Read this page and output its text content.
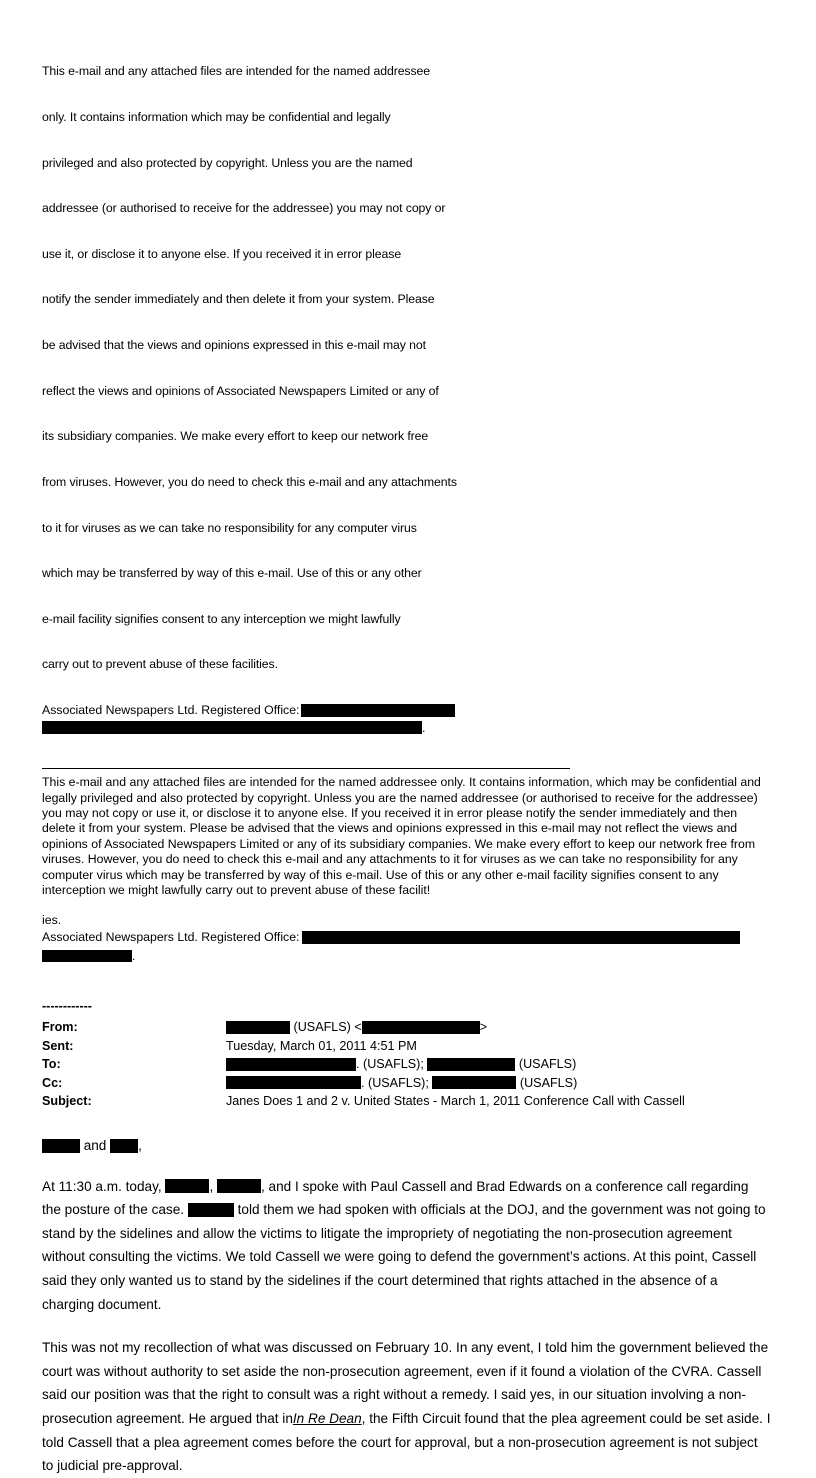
This e-mail and any attached files are intended for the named addressee

only. It contains information which may be confidential and legally

privileged and also protected by copyright. Unless you are the named

addressee (or authorised to receive for the addressee) you may not copy or

use it, or disclose it to anyone else. If you received it in error please

notify the sender immediately and then delete it from your system. Please

be advised that the views and opinions expressed in this e-mail may not

reflect the views and opinions of Associated Newspapers Limited or any of

its subsidiary companies. We make every effort to keep our network free

from viruses. However, you do need to check this e-mail and any attachments

to it for viruses as we can take no responsibility for any computer virus

which may be transferred by way of this e-mail. Use of this or any other

e-mail facility signifies consent to any interception we might lawfully

carry out to prevent abuse of these facilities.

Associated Newspapers Ltd. Registered Office:
.

This e-mail and any attached files are intended for the named addressee only. It contains information, which may be confidential and legally privileged and also protected by copyright. Unless you are the named addressee (or authorised to receive for the addressee) you may not copy or use it, or disclose it to anyone else. If you received it in error please notify the sender immediately and then delete it from your system. Please be advised that the views and opinions expressed in this e-mail may not reflect the views and opinions of Associated Newspapers Limited or any of its subsidiary companies. We make every effort to keep our network free from viruses. However, you do need to check this e-mail and any attachments to it for viruses as we can take no responsibility for any computer virus which may be transferred by way of this e-mail. Use of this or any other e-mail facility signifies consent to any interception we might lawfully carry out to prevent abuse of these facilit!

ies.
Associated Newspapers Ltd. Registered Office:
.
------------
From:	(USAFLS) <	>
Sent:	Tuesday, March 01, 2011 4:51 PM
To:	. (USAFLS);	(USAFLS)
Cc:	. (USAFLS);	(USAFLS)
Subject:	Janes Does 1 and 2 v. United States - March 1, 2011 Conference Call with Cassell
and ,
At 11:30 a.m. today,	,	, and I spoke with Paul Cassell and Brad Edwards on a conference call regarding the posture of the case.	told them we had spoken with officials at the DOJ, and the government was not going to stand by the sidelines and allow the victims to litigate the impropriety of negotiating the non-prosecution agreement without consulting the victims. We told Cassell we were going to defend the government’s actions. At this point, Cassell said they only wanted us to stand by the sidelines if the court determined that rights attached in the absence of a charging document.
This was not my recollection of what was discussed on February 10. In any event, I told him the government believed the court was without authority to set aside the non-prosecution agreement, even if it found a violation of the CVRA. Cassell said our position was that the right to consult was a right without a remedy. I said yes, in our situation involving a non-prosecution agreement. He argued that inIn Re Dean, the Fifth Circuit found that the plea agreement could be set aside. I told Cassell that a plea agreement comes before the court for approval, but a non-prosecution agreement is not subject to judicial pre-approval.
